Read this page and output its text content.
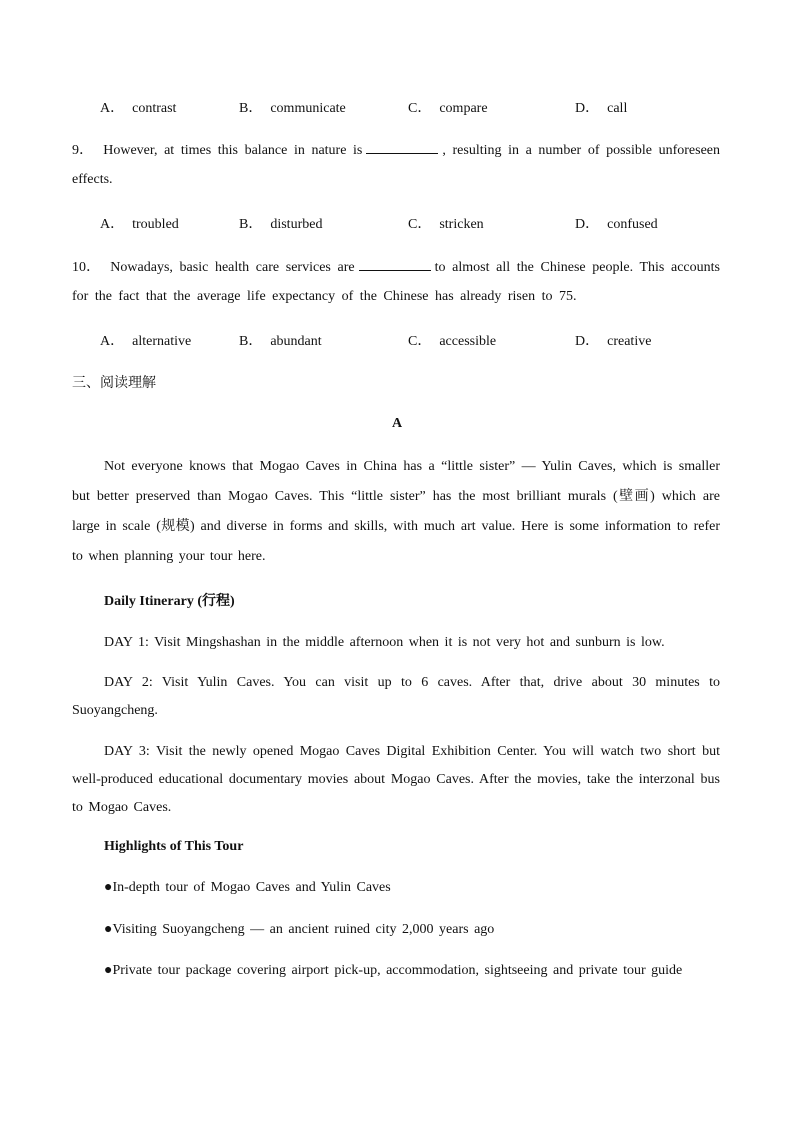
A． contrast	B． communicate	C． compare	D． call
9． However, at times this balance in nature is	, resulting in a number of possible unforeseen effects.
A． troubled	B． disturbed	C． stricken	D． confused
10． Nowadays, basic health care services are	to almost all the Chinese people. This accounts for the fact that the average life expectancy of the Chinese has already risen to 75.
A． alternative	B． abundant	C． accessible	D． creative
三、阅读理解
A
Not everyone knows that Mogao Caves in China has a “little sister” — Yulin Caves, which is smaller but better preserved than Mogao Caves. This “little sister” has the most brilliant murals (壁画) which are large in scale (规模) and diverse in forms and skills, with much art value. Here is some information to refer to when planning your tour here.
Daily Itinerary (行程)
DAY 1: Visit Mingshashan in the middle afternoon when it is not very hot and sunburn is low.
DAY 2: Visit Yulin Caves. You can visit up to 6 caves. After that, drive about 30 minutes to Suoyangcheng.
DAY 3: Visit the newly opened Mogao Caves Digital Exhibition Center. You will watch two short but well-produced educational documentary movies about Mogao Caves. After the movies, take the interzonal bus to Mogao Caves.
Highlights of This Tour
●In-depth tour of Mogao Caves and Yulin Caves
●Visiting Suoyangcheng — an ancient ruined city 2,000 years ago
●Private tour package covering airport pick-up, accommodation, sightseeing and private tour guide
